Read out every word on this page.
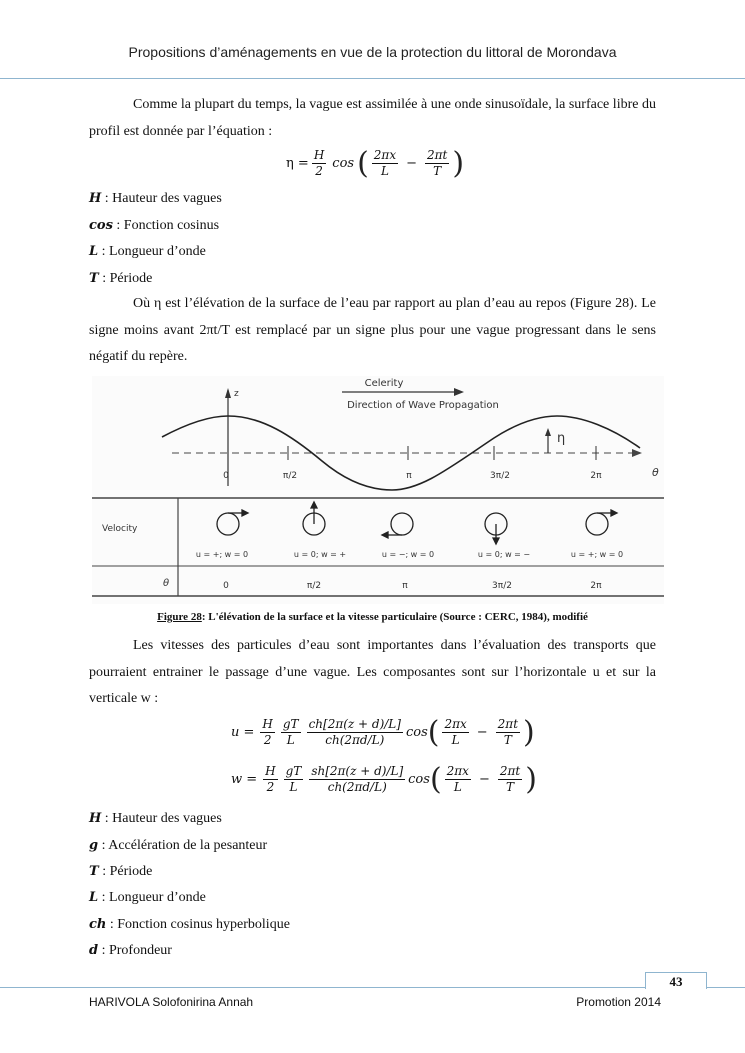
Propositions d’aménagements en vue de la protection du littoral de Morondava
Comme la plupart du temps, la vague est assimilée à une onde sinusoïdale, la surface libre du profil est donnée par l’équation :
$\eta = \frac{H}{2}$ cos ( $\frac{2\pi x}{L} - \frac{2\pi t}{T}$ )
H : Hauteur des vagues
cos : Fonction cosinus
L : Longueur d’onde
T : Période
Où η est l’élévation de la surface de l’eau par rapport au plan d’eau au repos (Figure 28). Le signe moins avant 2πt/T est remplacé par un signe plus pour une vague progressant dans le sens négatif du repère.
Celerity
Direction of Wave Propagation
z
η
0	π/2	π	3π/2	2π	θ
Velocity
u = +; w = 0	u = 0; w = +	u = −; w = 0	u = 0; w = −	u = +; w = 0
θ	0	π/2	π	3π/2	2π
Figure 28: L'élévation de la surface et la vitesse particulaire (Source : CERC, 1984), modifié
Les vitesses des particules d’eau sont importantes dans l’évaluation des transports que pourraient entrainer le passage d’une vague. Les composantes sont sur l’horizontale u et sur la verticale w :
$u = \frac{H}{2} \frac{gT}{L} \frac{ch[2\pi(z + d)/L]}{ch(2\pi d/L)}$ cos ( $\frac{2\pi x}{L} - \frac{2\pi t}{T}$ )
$w = \frac{H}{2} \frac{gT}{L} \frac{sh[2\pi(z + d)/L]}{ch(2\pi d/L)}$ cos ( $\frac{2\pi x}{L} - \frac{2\pi t}{T}$ )
H : Hauteur des vagues
g : Accélération de la pesanteur
T : Période
L : Longueur d’onde
ch : Fonction cosinus hyperbolique
d : Profondeur
43
HARIVOLA Solofonirina Annah	Promotion 2014
